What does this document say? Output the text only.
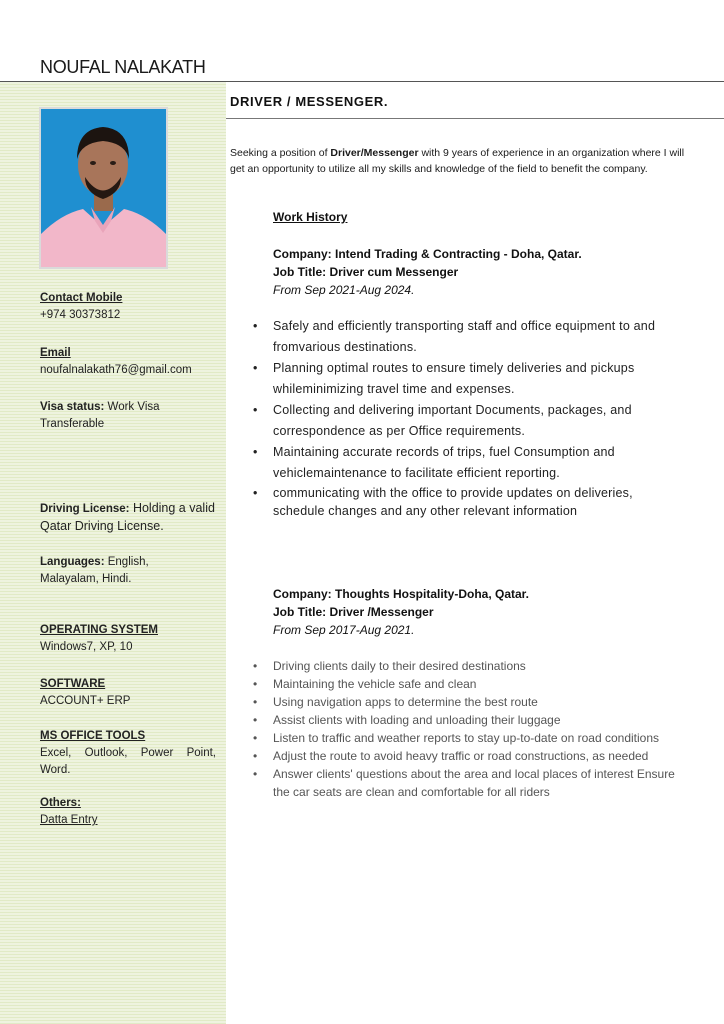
NOUFAL NALAKATH
DRIVER / MESSENGER.
Contact Mobile
+974 30373812
Email
noufalnalakath76@gmail.com
Visa status: Work Visa Transferable
Driving License: Holding a valid Qatar Driving License.
Languages: English, Malayalam, Hindi.
OPERATING SYSTEM
Windows7, XP, 10
SOFTWARE
ACCOUNT+ ERP
MS OFFICE TOOLS
Excel, Outlook, Power Point, Word.
Others:
Datta Entry

Seeking a position of Driver/Messenger with 9 years of experience in an organization where I will get an opportunity to utilize all my skills and knowledge of the field to benefit the company.

Work History
Company: Intend Trading & Contracting - Doha, Qatar.
Job Title: Driver cum Messenger
From Sep 2021-Aug 2024.
• Safely and efficiently transporting staff and office equipment to and fromvarious destinations.
• Planning optimal routes to ensure timely deliveries and pickups whileminimizing travel time and expenses.
• Collecting and delivering important Documents, packages, and correspondence as per Office requirements.
• Maintaining accurate records of trips, fuel Consumption and vehiclemaintenance to facilitate efficient reporting.
• communicating with the office to provide updates on deliveries, schedule changes and any other relevant information
Company: Thoughts Hospitality-Doha, Qatar.
Job Title: Driver /Messenger
From Sep 2017-Aug 2021.
• Driving clients daily to their desired destinations
• Maintaining the vehicle safe and clean
• Using navigation apps to determine the best route
• Assist clients with loading and unloading their luggage
• Listen to traffic and weather reports to stay up-to-date on road conditions
• Adjust the route to avoid heavy traffic or road constructions, as needed
• Answer clients' questions about the area and local places of interest Ensure the car seats are clean and comfortable for all riders
